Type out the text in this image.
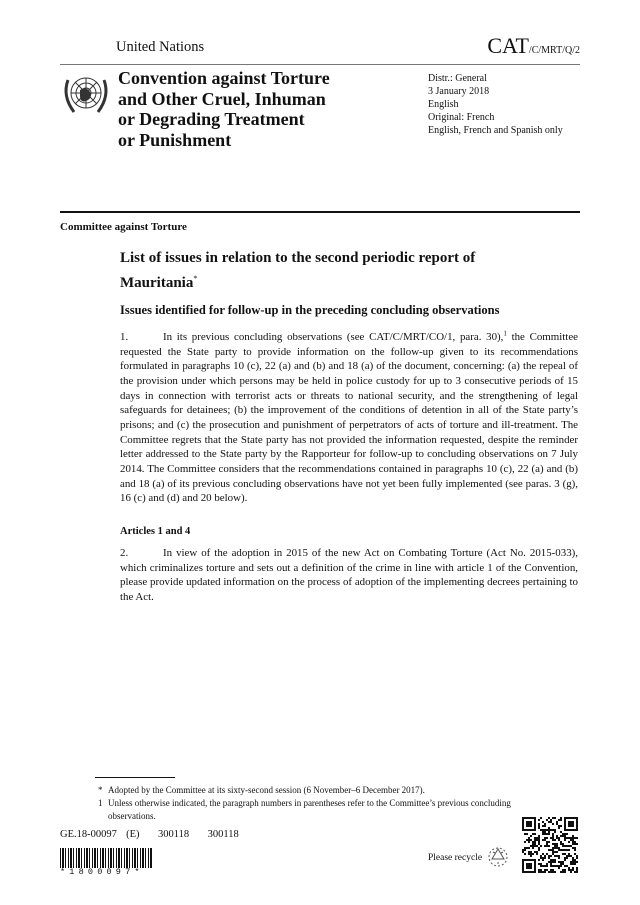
United Nations	CAT/C/MRT/Q/2
Convention against Torture
and Other Cruel, Inhuman
or Degrading Treatment
or Punishment
Distr.: General
3 January 2018
English
Original: French
English, French and Spanish only
Committee against Torture
List of issues in relation to the second periodic report of Mauritania*
Issues identified for follow-up in the preceding concluding observations
1.	In its previous concluding observations (see CAT/C/MRT/CO/1, para. 30),$^1$ the Committee requested the State party to provide information on the follow-up given to its recommendations formulated in paragraphs 10 (c), 22 (a) and (b) and 18 (a) of the document, concerning: (a) the repeal of the provision under which persons may be held in police custody for up to 3 consecutive periods of 15 days in connection with terrorist acts or threats to national security, and the strengthening of legal safeguards for detainees; (b) the improvement of the conditions of detention in all of the State party’s prisons; and (c) the prosecution and punishment of perpetrators of acts of torture and ill-treatment. The Committee regrets that the State party has not provided the information requested, despite the reminder letter addressed to the State party by the Rapporteur for follow-up to concluding observations on 7 July 2014. The Committee considers that the recommendations contained in paragraphs 10 (c), 22 (a) and (b) and 18 (a) of its previous concluding observations have not yet been fully implemented (see paras. 3 (g), 16 (c) and (d) and 20 below).
Articles 1 and 4
2.	In view of the adoption in 2015 of the new Act on Combating Torture (Act No. 2015-033), which criminalizes torture and sets out a definition of the crime in line with article 1 of the Convention, please provide updated information on the process of adoption of the implementing decrees pertaining to the Act.
* Adopted by the Committee at its sixty-second session (6 November–6 December 2017).
1 Unless otherwise indicated, the paragraph numbers in parentheses refer to the Committee’s previous concluding observations.
GE.18-00097  (E)    300118    300118
*1800097*
Please recycle
